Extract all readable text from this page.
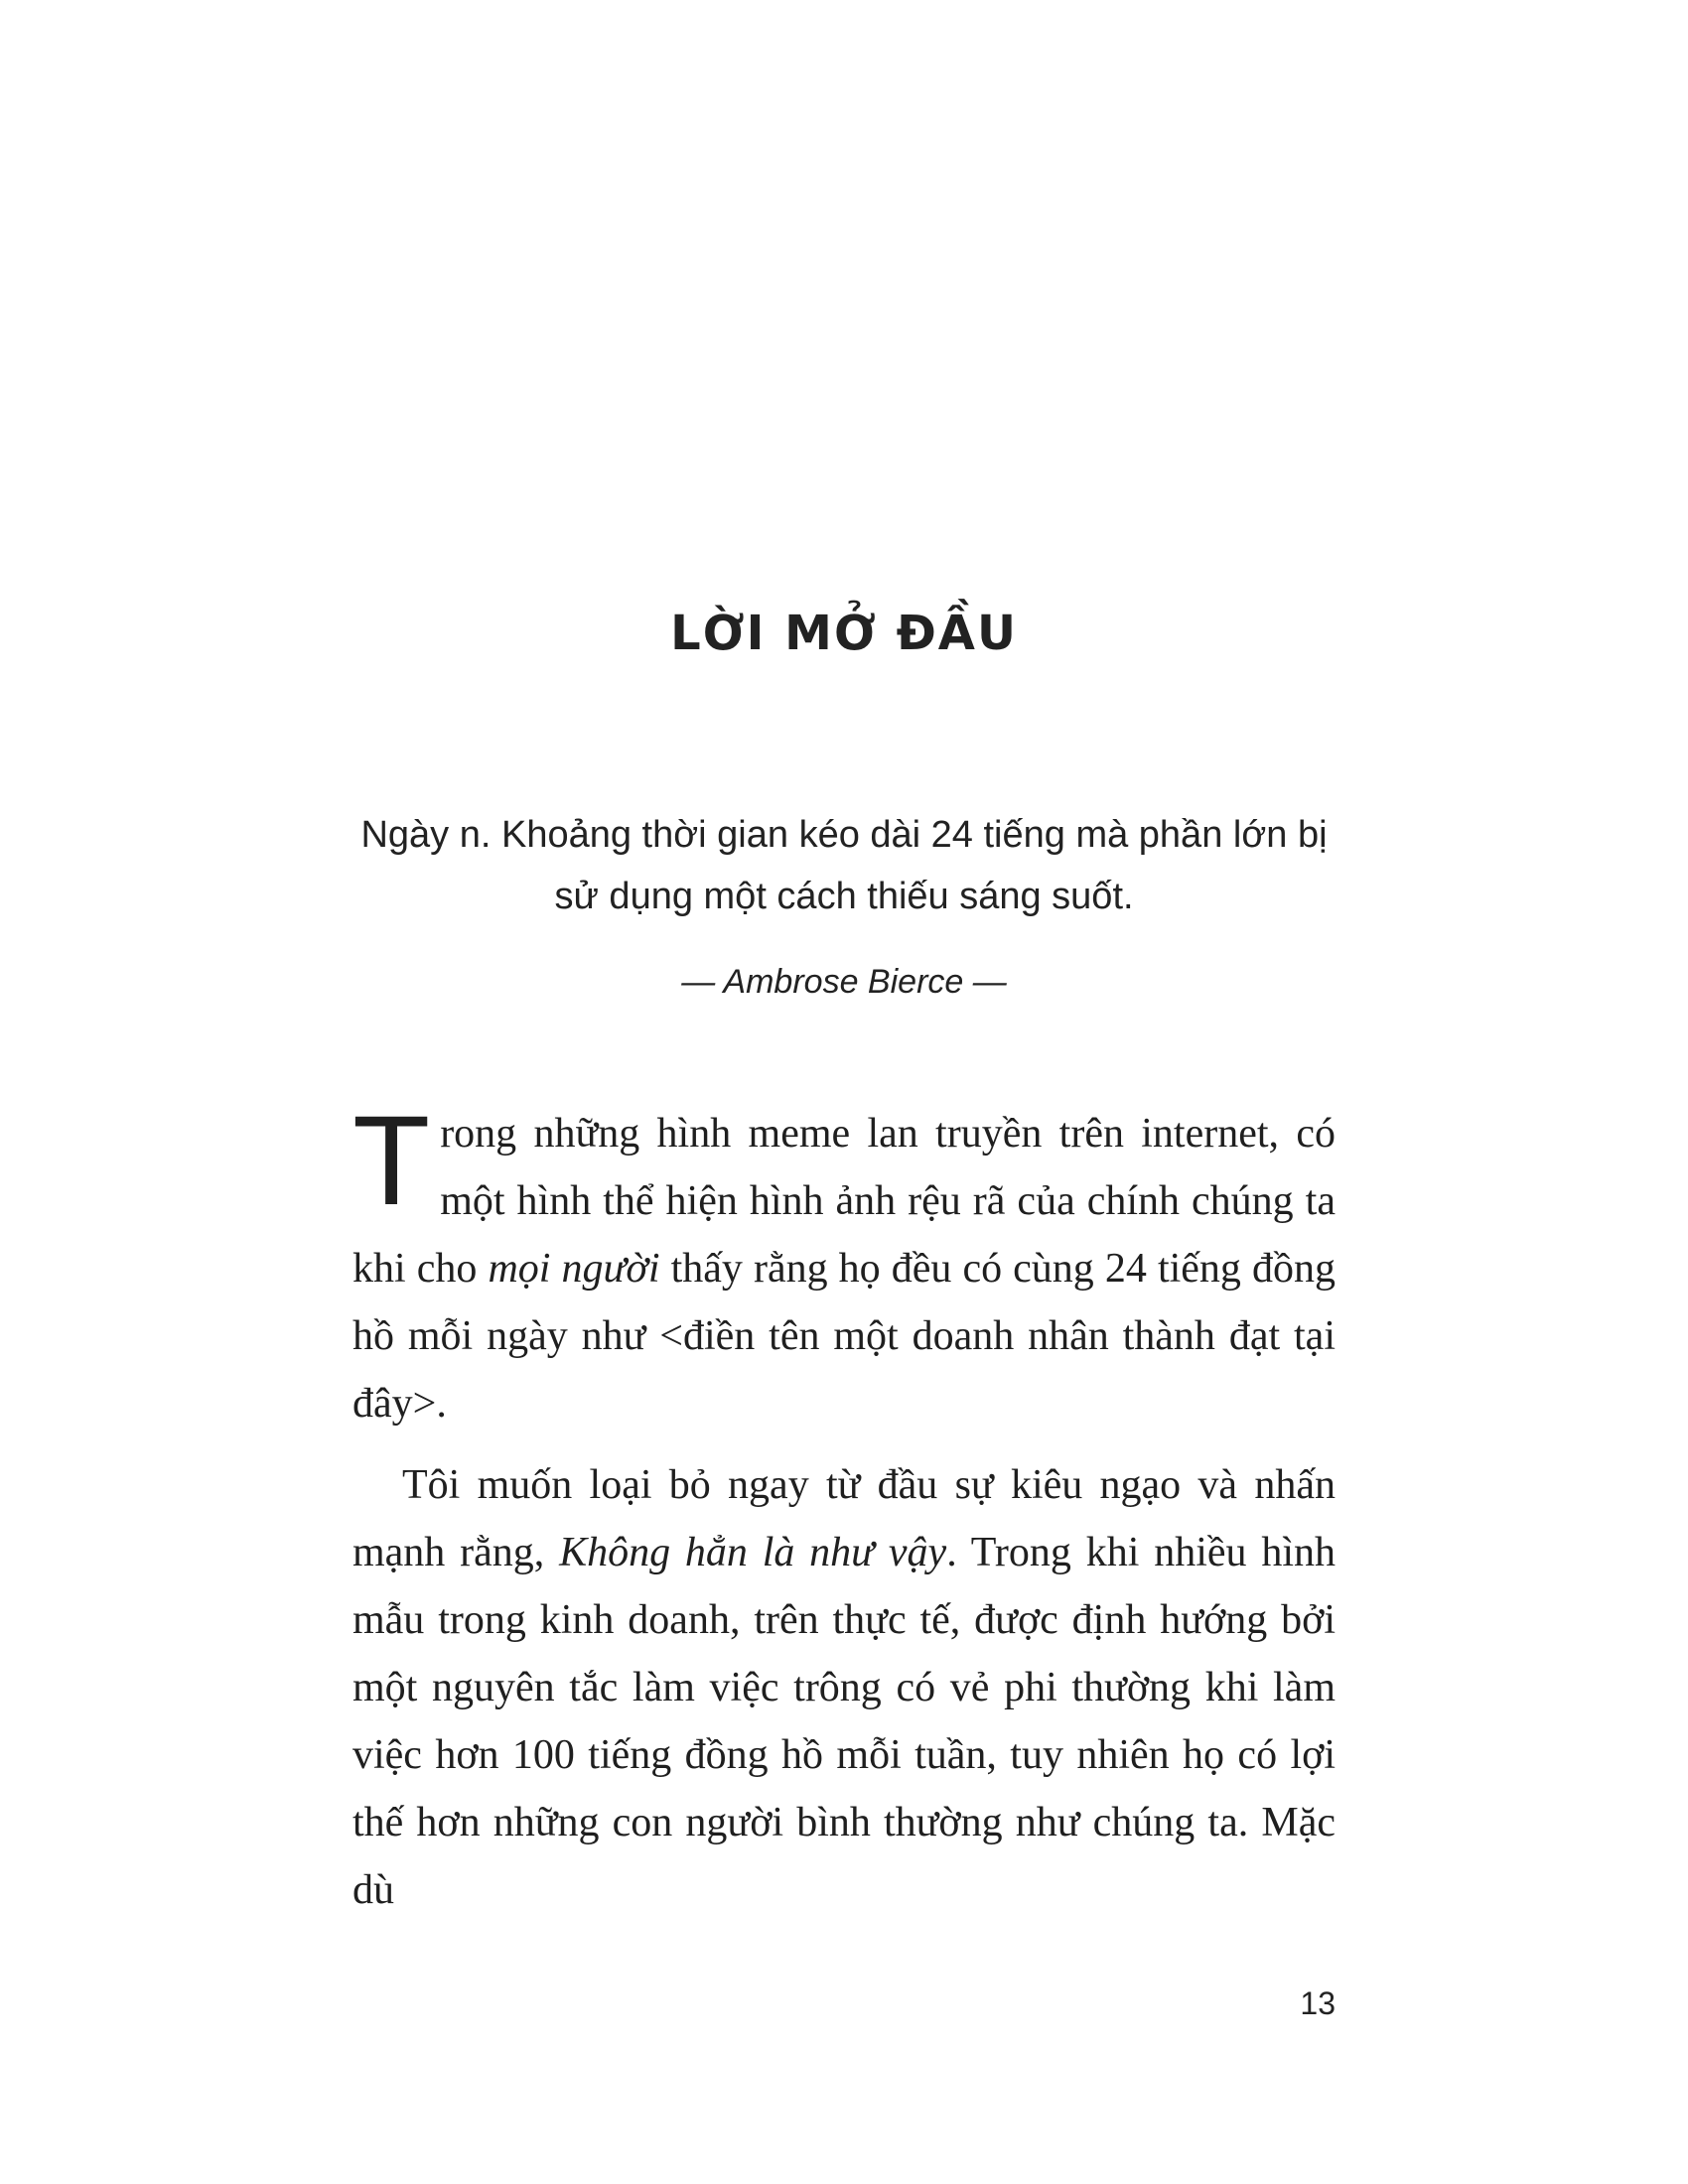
LỜI MỞ ĐẦU

Ngày n. Khoảng thời gian kéo dài 24 tiếng mà phần lớn bị sử dụng một cách thiếu sáng suốt.

— Ambrose Bierce —

Trong những hình meme lan truyền trên internet, có một hình thể hiện hình ảnh rệu rã của chính chúng ta khi cho mọi người thấy rằng họ đều có cùng 24 tiếng đồng hồ mỗi ngày như <điền tên một doanh nhân thành đạt tại đây>.

Tôi muốn loại bỏ ngay từ đầu sự kiêu ngạo và nhấn mạnh rằng, Không hẳn là như vậy. Trong khi nhiều hình mẫu trong kinh doanh, trên thực tế, được định hướng bởi một nguyên tắc làm việc trông có vẻ phi thường khi làm việc hơn 100 tiếng đồng hồ mỗi tuần, tuy nhiên họ có lợi thế hơn những con người bình thường như chúng ta. Mặc dù

13
